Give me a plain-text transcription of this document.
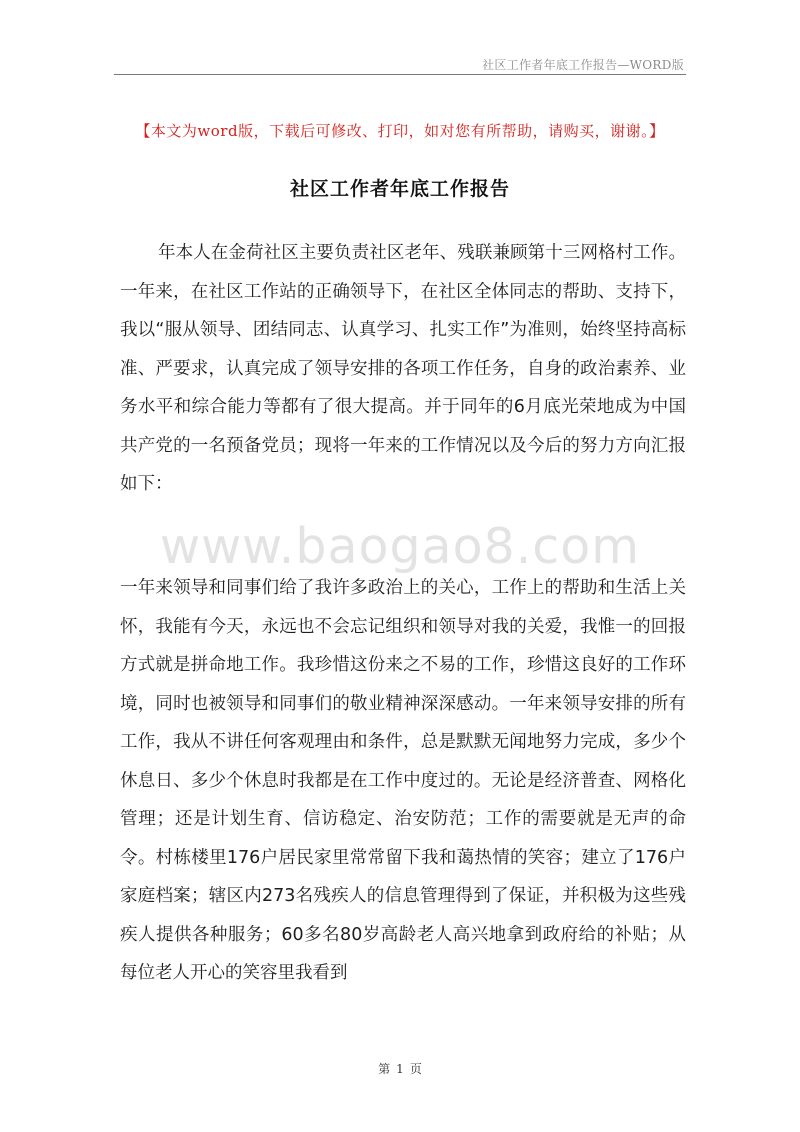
社区工作者年底工作报告—WORD版
【本文为word版，下载后可修改、打印，如对您有所帮助，请购买，谢谢。】
社区工作者年底工作报告

年本人在金荷社区主要负责社区老年、残联兼顾第十三网格村工作。一年来，在社区工作站的正确领导下，在社区全体同志的帮助、支持下，我以“服从领导、团结同志、认真学习、扎实工作”为准则，始终坚持高标准、严要求，认真完成了领导安排的各项工作任务，自身的政治素养、业务水平和综合能力等都有了很大提高。并于同年的6月底光荣地成为中国共产党的一名预备党员；现将一年来的工作情况以及今后的努力方向汇报如下：

www.baogao8.com

一年来领导和同事们给了我许多政治上的关心，工作上的帮助和生活上关怀，我能有今天，永远也不会忘记组织和领导对我的关爱，我惟一的回报方式就是拼命地工作。我珍惜这份来之不易的工作，珍惜这良好的工作环境，同时也被领导和同事们的敬业精神深深感动。一年来领导安排的所有工作，我从不讲任何客观理由和条件，总是默默无闻地努力完成，多少个休息日、多少个休息时我都是在工作中度过的。无论是经济普查、网格化管理；还是计划生育、信访稳定、治安防范；工作的需要就是无声的命令。村栋楼里176户居民家里常常留下我和蔼热情的笑容；建立了176户家庭档案；辖区内273名残疾人的信息管理得到了保证，并积极为这些残疾人提供各种服务；60多名80岁高龄老人高兴地拿到政府给的补贴；从每位老人开心的笑容里我看到

第 1 页
